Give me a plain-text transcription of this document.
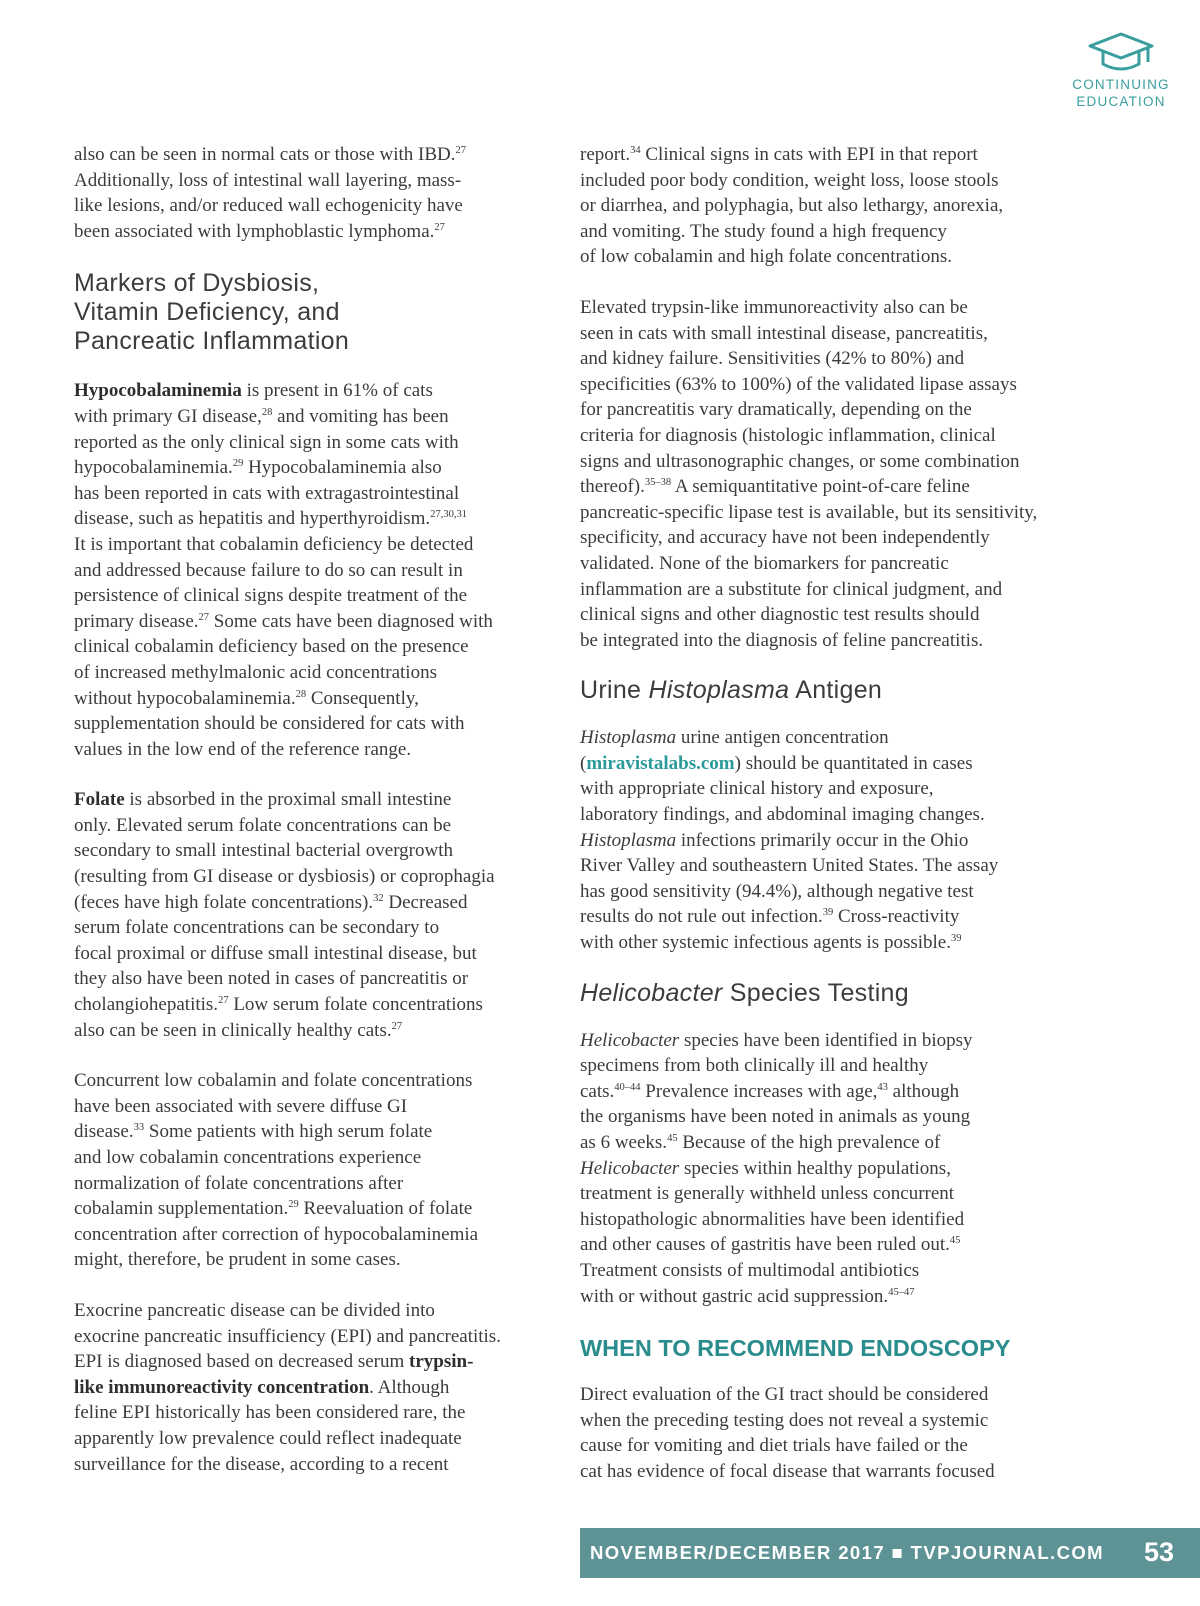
CONTINUING
EDUCATION

also can be seen in normal cats or those with IBD.$^{27}$
Additionally, loss of intestinal wall layering, mass-
like lesions, and/or reduced wall echogenicity have
been associated with lymphoblastic lymphoma.$^{27}$

Markers of Dysbiosis,
Vitamin Deficiency, and
Pancreatic Inflammation

Hypocobalaminemia is present in 61% of cats
with primary GI disease,$^{28}$ and vomiting has been
reported as the only clinical sign in some cats with
hypocobalaminemia.$^{29}$ Hypocobalaminemia also
has been reported in cats with extragastrointestinal
disease, such as hepatitis and hyperthyroidism.$^{27,30,31}$
It is important that cobalamin deficiency be detected
and addressed because failure to do so can result in
persistence of clinical signs despite treatment of the
primary disease.$^{27}$ Some cats have been diagnosed with
clinical cobalamin deficiency based on the presence
of increased methylmalonic acid concentrations
without hypocobalaminemia.$^{28}$ Consequently,
supplementation should be considered for cats with
values in the low end of the reference range.

Folate is absorbed in the proximal small intestine
only. Elevated serum folate concentrations can be
secondary to small intestinal bacterial overgrowth
(resulting from GI disease or dysbiosis) or coprophagia
(feces have high folate concentrations).$^{32}$ Decreased
serum folate concentrations can be secondary to
focal proximal or diffuse small intestinal disease, but
they also have been noted in cases of pancreatitis or
cholangiohepatitis.$^{27}$ Low serum folate concentrations
also can be seen in clinically healthy cats.$^{27}$

Concurrent low cobalamin and folate concentrations
have been associated with severe diffuse GI
disease.$^{33}$ Some patients with high serum folate
and low cobalamin concentrations experience
normalization of folate concentrations after
cobalamin supplementation.$^{29}$ Reevaluation of folate
concentration after correction of hypocobalaminemia
might, therefore, be prudent in some cases.

Exocrine pancreatic disease can be divided into
exocrine pancreatic insufficiency (EPI) and pancreatitis.
EPI is diagnosed based on decreased serum trypsin-
like immunoreactivity concentration. Although
feline EPI historically has been considered rare, the
apparently low prevalence could reflect inadequate
surveillance for the disease, according to a recent

report.$^{34}$ Clinical signs in cats with EPI in that report
included poor body condition, weight loss, loose stools
or diarrhea, and polyphagia, but also lethargy, anorexia,
and vomiting. The study found a high frequency
of low cobalamin and high folate concentrations.

Elevated trypsin-like immunoreactivity also can be
seen in cats with small intestinal disease, pancreatitis,
and kidney failure. Sensitivities (42% to 80%) and
specificities (63% to 100%) of the validated lipase assays
for pancreatitis vary dramatically, depending on the
criteria for diagnosis (histologic inflammation, clinical
signs and ultrasonographic changes, or some combination
thereof).$^{35-38}$ A semiquantitative point-of-care feline
pancreatic-specific lipase test is available, but its sensitivity,
specificity, and accuracy have not been independently
validated. None of the biomarkers for pancreatic
inflammation are a substitute for clinical judgment, and
clinical signs and other diagnostic test results should
be integrated into the diagnosis of feline pancreatitis.

Urine Histoplasma Antigen

Histoplasma urine antigen concentration
(miravistalabs.com) should be quantitated in cases
with appropriate clinical history and exposure,
laboratory findings, and abdominal imaging changes.
Histoplasma infections primarily occur in the Ohio
River Valley and southeastern United States. The assay
has good sensitivity (94.4%), although negative test
results do not rule out infection.$^{39}$ Cross-reactivity
with other systemic infectious agents is possible.$^{39}$

Helicobacter Species Testing

Helicobacter species have been identified in biopsy
specimens from both clinically ill and healthy
cats.$^{40-44}$ Prevalence increases with age,$^{43}$ although
the organisms have been noted in animals as young
as 6 weeks.$^{45}$ Because of the high prevalence of
Helicobacter species within healthy populations,
treatment is generally withheld unless concurrent
histopathologic abnormalities have been identified
and other causes of gastritis have been ruled out.$^{45}$
Treatment consists of multimodal antibiotics
with or without gastric acid suppression.$^{45-47}$

WHEN TO RECOMMEND ENDOSCOPY

Direct evaluation of the GI tract should be considered
when the preceding testing does not reveal a systemic
cause for vomiting and diet trials have failed or the
cat has evidence of focal disease that warrants focused

NOVEMBER/DECEMBER 2017 ■ TVPJOURNAL.COM 53
